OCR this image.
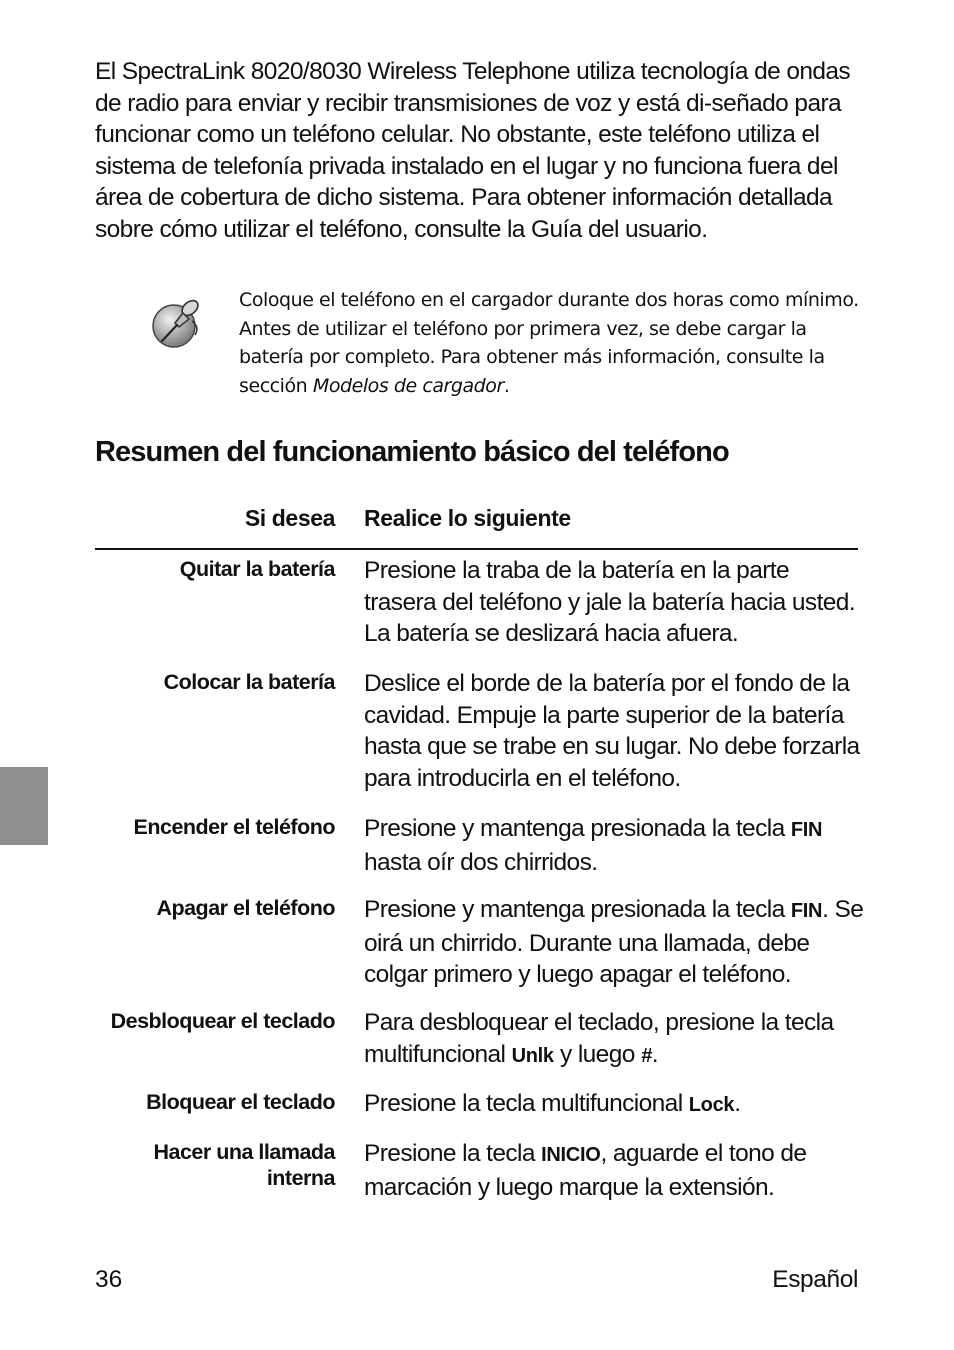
El SpectraLink 8020/8030 Wireless Telephone utiliza tecnología de ondas de radio para enviar y recibir transmisiones de voz y está di-señado para funcionar como un teléfono celular. No obstante, este teléfono utiliza el sistema de telefonía privada instalado en el lugar y no funciona fuera del área de cobertura de dicho sistema. Para obtener información detallada sobre cómo utilizar el teléfono, consulte la Guía del usuario.

Coloque el teléfono en el cargador durante dos horas como mínimo. Antes de utilizar el teléfono por primera vez, se debe cargar la batería por completo. Para obtener más información, consulte la sección Modelos de cargador.

Resumen del funcionamiento básico del teléfono
Si desea Realice lo siguiente
Quitar la batería Presione la traba de la batería en la parte trasera del teléfono y jale la batería hacia usted. La batería se deslizará hacia afuera.
Colocar la batería Deslice el borde de la batería por el fondo de la cavidad. Empuje la parte superior de la batería hasta que se trabe en su lugar. No debe forzarla para introducirla en el teléfono.
Encender el teléfono Presione y mantenga presionada la tecla FIN hasta oír dos chirridos.
Apagar el teléfono Presione y mantenga presionada la tecla FIN. Se oirá un chirrido. Durante una llamada, debe colgar primero y luego apagar el teléfono.
Desbloquear el teclado Para desbloquear el teclado, presione la tecla multifuncional Unlk y luego #.
Bloquear el teclado Presione la tecla multifuncional Lock.
Hacer una llamada interna
Presione la tecla INICIO, aguarde el tono de marcación y luego marque la extensión.
36	Español
